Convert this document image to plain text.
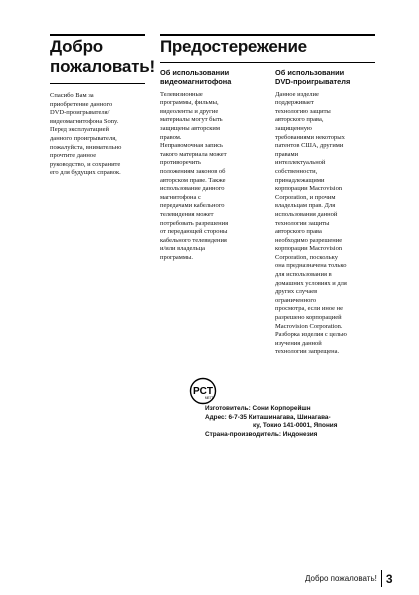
Добро
пожаловать!
Спасибо Вам за
приобретение данного
DVD-проигрывателя/
видеомагнитофона Sony.
Перед эксплуатацией
данного проигрывателя,
пожалуйста, внимательно
прочтите данное
руководство, и сохраните
его для будущих справок.
Предостережение
Об использовании
видеомагнитофона
Телевизионные
программы, фильмы,
видеоленты и другие
материалы могут быть
защищены авторским
правом.
Неправомочная запись
такого материала может
противоречить
положениям законов об
авторском праве. Также
использование данного
магнитофона с
передачами кабельного
телевидения может
потребовать разрешения
от передающей стороны
кабельного телевидения
и/или владельца
программы.
Об использовании
DVD-проигрывателя
Данное изделие
поддерживает
технологию защиты
авторского права,
защищенную
требованиями некоторых
патентов США, другими
правами
интеллектуальной
собственности,
принадлежащими
корпорации Macrovision
Corporation, и прочим
владельцам прав. Для
использования данной
технологии защиты
авторского права
необходимо разрешение
корпорации Macrovision
Corporation, поскольку
она предназначена только
для использования в
домашних условиях и для
других случаев
ограниченного
просмотра, если иное не
разрешено корпорацией
Macrovision Corporation.
Разборка изделия с целью
изучения данной
технологии запрещена.
PCT
ME77
Изготовитель: Сони Корпорейшн
Адрес: 6-7-35 Киташинагава, Шинагава-
ку, Токио 141-0001, Япония
Страна-производитель: Индонезия
Добро пожаловать! 3
